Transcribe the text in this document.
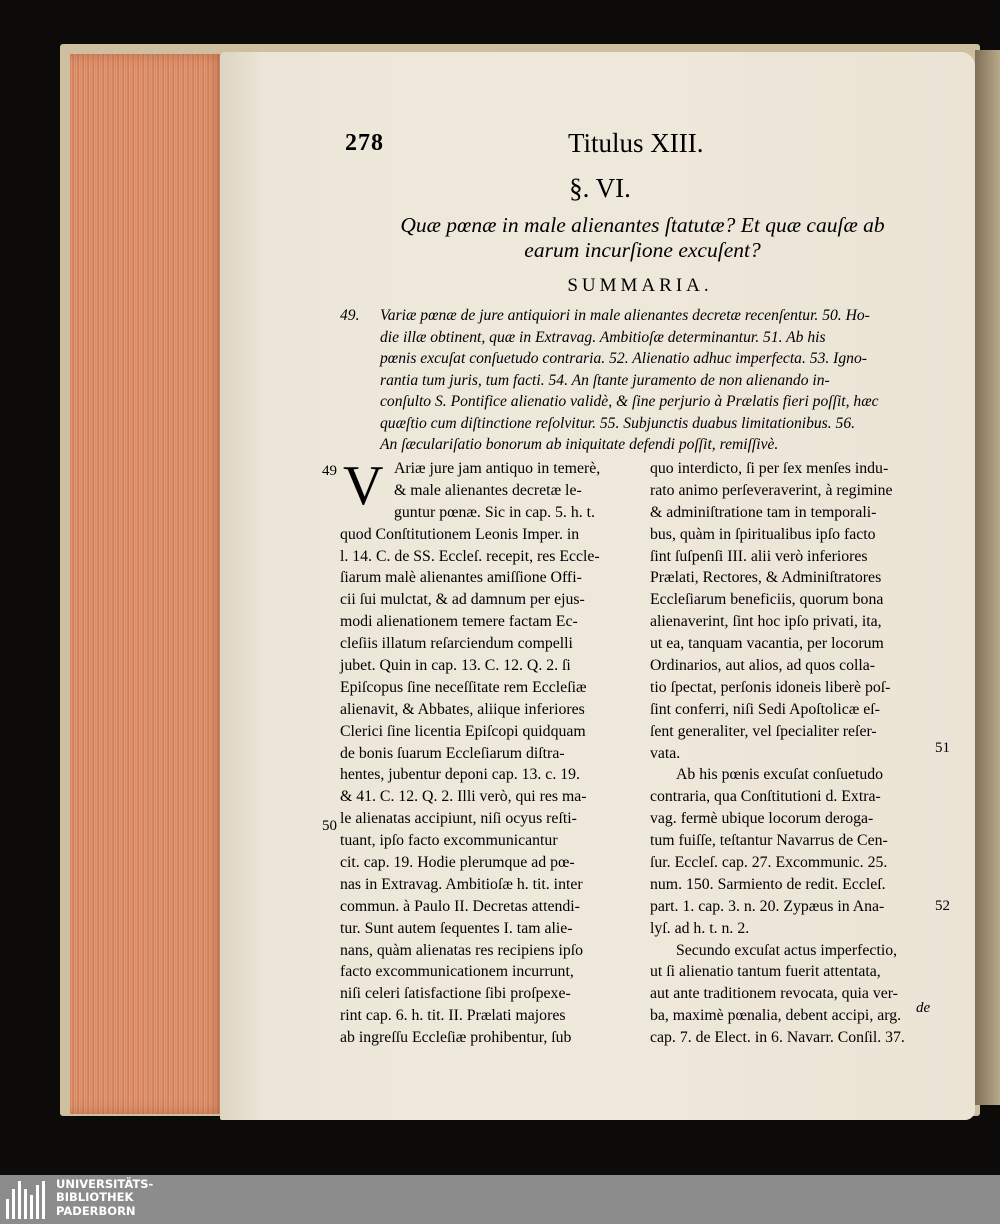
278	Titulus XIII.
§. VI.
Quæ pœnæ in male alienantes ſtatutæ? Et quæ cauſæ ab
earum incurſione excuſent?
SUMMARIA.
49. Variæ pœnæ de jure antiquiori in male alienantes decretæ recenſentur. 50. Ho-
die illæ obtinent, quæ in Extravag. Ambitioſæ determinantur. 51. Ab his
pœnis excuſat conſuetudo contraria. 52. Alienatio adhuc imperfecta. 53. Igno-
rantia tum juris, tum facti. 54. An ſtante juramento de non alienando in-
conſulto S. Pontifice alienatio validè, & ſine perjurio à Prælatis fieri poſſit, hæc
quæſtio cum diſtinctione reſolvitur. 55. Subjunctis duabus limitationibus. 56.
An ſæculariſatio bonorum ab iniquitate defendi poſſit, remiſſivè.
49 V Ariæ jure jam antiquo in temerè,
& male alienantes decretæ le-
guntur pœnæ. Sic in cap. 5. h. t.
quod Conſtitutionem Leonis Imper. in
l. 14. C. de SS. Eccleſ. recepit, res Eccle-
ſiarum malè alienantes amiſſione Offi-
cii ſui mulctat, & ad damnum per ejus-
modi alienationem temere factam Ec-
cleſiis illatum reſarciendum compelli
jubet. Quin in cap. 13. C. 12. Q. 2. ſi
Epiſcopus ſine neceſſitate rem Eccleſiæ
alienavit, & Abbates, aliique inferiores
Clerici ſine licentia Epiſcopi quidquam
de bonis ſuarum Eccleſiarum diſtra-
hentes, jubentur deponi cap. 13. c. 19.
& 41. C. 12. Q. 2. Illi verò, qui res ma-
le alienatas accipiunt, niſi ocyus reſti-
tuant, ipſo facto excommunicantur
cit. cap. 19. Hodie plerumque ad pœ-
nas in Extravag. Ambitioſæ h. tit. inter
commun. à Paulo II. Decretas attendi-
tur. Sunt autem ſequentes I. tam alie-
nans, quàm alienatas res recipiens ipſo
facto excommunicationem incurrunt,
niſi celeri ſatisfactione ſibi proſpexe-
rint cap. 6. h. tit. II. Prælati majores
ab ingreſſu Eccleſiæ prohibentur, ſub
50
quo interdicto, ſi per ſex menſes indu-
rato animo perſeveraverint, à regimine
& adminiſtratione tam in temporali-
bus, quàm in ſpiritualibus ipſo facto
ſint ſuſpenſi III. alii verò inferiores
Prælati, Rectores, & Adminiſtratores
Eccleſiarum beneficiis, quorum bona
alienaverint, ſint hoc ipſo privati, ita,
ut ea, tanquam vacantia, per locorum
Ordinarios, aut alios, ad quos colla-
tio ſpectat, perſonis idoneis liberè poſ-
ſint conferri, niſi Sedi Apoſtolicæ eſ-
ſent generaliter, vel ſpecialiter reſer-
vata.
Ab his pœnis excuſat conſuetudo
contraria, qua Conſtitutioni d. Extra-
vag. fermè ubique locorum deroga-
tum fuiſſe, teſtantur Navarrus de Cen-
ſur. Eccleſ. cap. 27. Excommunic. 25.
num. 150. Sarmiento de redit. Eccleſ.
part. 1. cap. 3. n. 20. Zypæus in Ana-
lyſ. ad h. t. n. 2.
Secundo excuſat actus imperfectio,
ut ſi alienatio tantum fuerit attentata,
aut ante traditionem revocata, quia ver-
ba, maximè pœnalia, debent accipi, arg.
cap. 7. de Elect. in 6. Navarr. Conſil. 37.
51
52
de
UNIVERSITÄTS-
BIBLIOTHEK
PADERBORN
